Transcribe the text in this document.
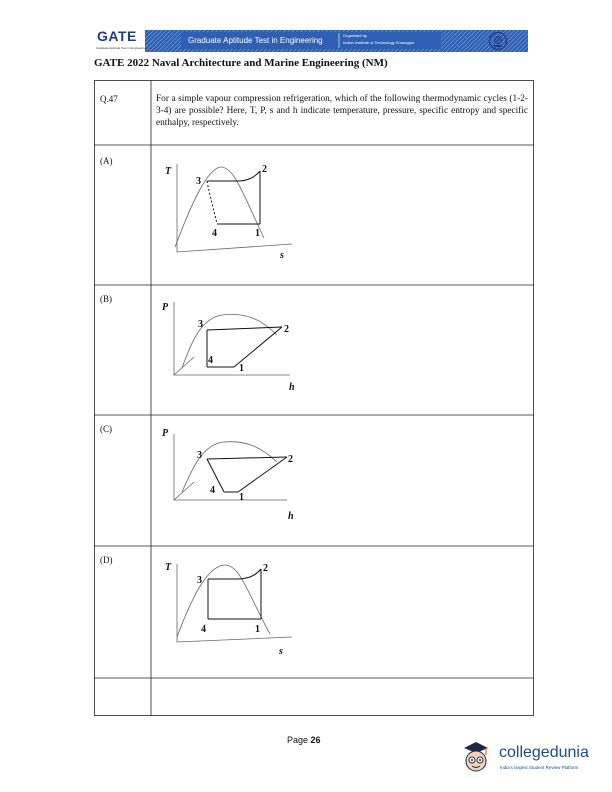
GATE
Graduate Aptitude Test in Engineering
Graduate Aptitude Test in Engineering
Organised by
Indian Institute of Technology Kharagpur
GATE 2022 Naval Architecture and Marine Engineering (NM)
Q.47	For a simple vapour compression refrigeration, which of the following thermodynamic cycles (1-2-3-4) are possible? Here, T, P, s and h indicate temperature, pressure, specific entropy and specific enthalpy, respectively.
(A)
T
s
3
2
4	1
(B)
P
h
3	2
4
1
(C)	P
h
3	2
4
1
(D)
T
s
3
2
4	1
Page 26
collegedunia
India's largest Student Review Platform
